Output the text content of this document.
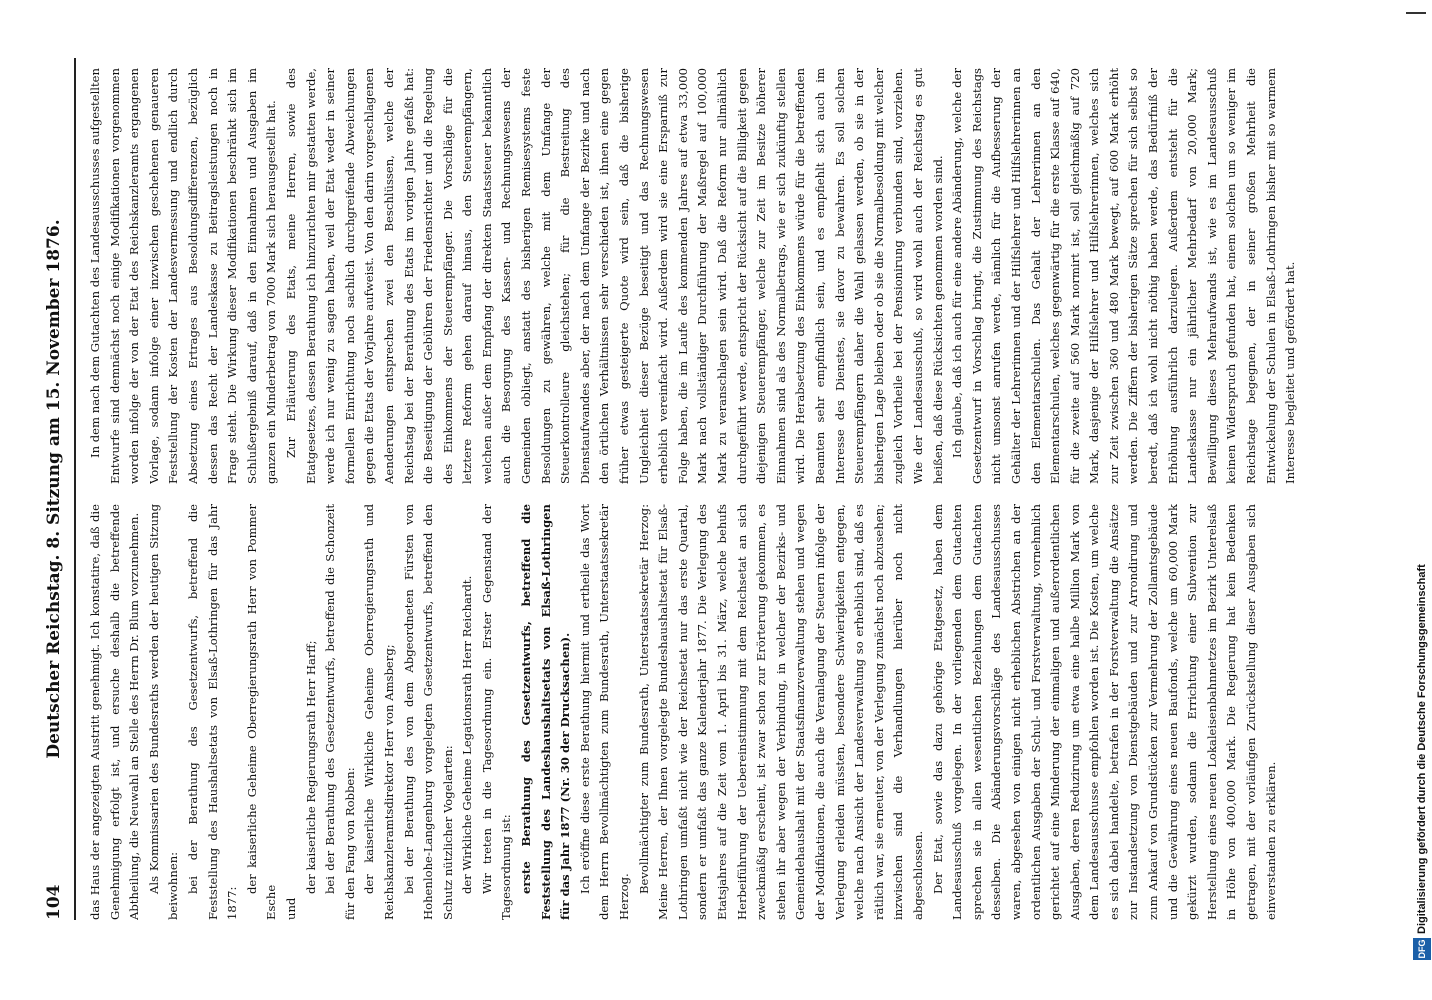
104
Deutscher Reichstag. 8. Sitzung am 15. November 1876. das Haus der angezeigten Austritt genehmigt. Ich konstatire, daß die Genehmigung erfolgt ist, und ersuche deshalb die betreffende Abtheilung, die Neuwahl an Stelle des Herrn Dr. Blum vorzunehmen. Als Kommissarien des Bundesraths werden der heutigen Sitzung beiwohnen: bei der Berathung des Gesetzentwurfs, betreffend die Feststellung des Haushaltsetats von Elsaß-Lothringen für das Jahr 1877:

der kaiserliche Geheime Oberregierungsrath Herr von Pommer Esche und

der kaiserliche Regierungsrath Herr Harff; bei der Berathung des Gesetzentwurfs, betreffend die Schonzeit für den Fang von Robben: der kaiserliche Wirkliche Geheime Oberregierungsrath und Reichskanzleramtsdirektor Herr von Amsberg; bei der Berathung des von dem Abgeordneten Fürsten von Hohenlohe-Langenburg vorgelegten Gesetzentwurfs, betreffend den Schutz nützlicher Vogelarten: der Wirkliche Geheime Legationsrath Herr Reichardt. Wir treten in die Tagesordnung ein. Erster Gegenstand der Tagesordnung ist: erste Berathung des Gesetzentwurfs, betreffend die Feststellung des Landeshaushaltsetats von Elsaß-Lothringen für das Jahr 1877 (Nr. 30 der Drucksachen). Ich eröffne diese erste Berathung hiermit und ertheile das Wort dem Herrn Bevollmächtigten zum Bundesrath, Unterstaatssekretär Herzog.

Bevollmächtigter zum Bundesrath, Unterstaatssekretär Herzog: Meine Herren, der Ihnen vorgelegte Bundeshaushaltsetat für Elsaß-Lothringen umfaßt nicht wie der Reichsetat nur das erste Quartal, sondern er umfaßt das ganze Kalenderjahr 1877. Die Verlegung des Etatsjahres auf die Zeit vom 1. April bis 31. März, welche behufs Herbeiführung der Uebereinstimmung mit dem Reichsetat an sich zweckmäßig erscheint, ist zwar schon zur Erörterung gekommen, es stehen ihr aber wegen der Verbindung, in welcher der Bezirks- und Gemeindehaushalt mit der Staatsfinanzverwaltung stehen und wegen der Modifikationen, die auch die Veranlagung der Steuern infolge der Verlegung erleiden müssten, besondere Schwierigkeiten entgegen, welche nach Ansicht der Landesverwaltung so erheblich sind, daß es rätlich war, sie erneuter, von der Verlegung zunächst noch abzusehen; inzwischen sind die Verhandlungen hierüber noch nicht abgeschlossen. Der Etat, sowie das dazu gehörige Etatgesetz, haben dem Landesausschuß vorgelegen. In der vorliegenden dem Gutachten sprechen sie in allen wesentlichen Beziehungen dem Gutachten desselben. Die Abänderungsvorschläge des Landesausschusses waren, abgesehen von einigen nicht erheblichen Abstrichen an der ordentlichen Ausgaben der Schul- und Forstverwaltung, vornehmlich gerichtet auf eine Minderung der einmaligen und außerordentlichen Ausgaben, deren Reduzirung um etwa eine halbe Million Mark von dem Landesausschusse empfohlen worden ist. Die Kosten, um welche es sich dabei handelte, betrafen in der Forstverwaltung die Ansätze zur Instandsetzung von Dienstgebäuden und zur Arrondirung und zum Ankauf von Grundstücken zur Vermehrung der Zollamtsgebäude und die Gewährung eines neuen Baufonds, welche um 60,000 Mark gekürzt wurden, sodann die Errichtung einer Subvention zur Herstellung eines neuen Lokaleisenbahnnetzes im Bezirk Unterelsaß in Höhe von 400,000 Mark. Die Regierung hat kein Bedenken getragen, mit der vorläufigen Zurückstellung dieser Ausgaben sich einverstanden zu erklären.

In dem nach dem Gutachten des Landesausschusses aufgestellten Entwurfe sind demnächst noch einige Modifikationen vorgenommen worden infolge der von der Etat des Reichskanzleramts ergangenen Vorlage, sodann infolge einer inzwischen geschehenen genaueren Feststellung der Kosten der Landesvermessung und endlich durch Absetzung eines Ertrages aus Besoldungsdifferenzen, bezüglich dessen das Recht der Landeskasse zu Beitragsleistungen noch in Frage steht. Die Wirkung dieser Modifikationen beschränkt sich im Schlußergebniß darauf, daß in den Einnahmen und Ausgaben im ganzen ein Minderbetrag von 7000 Mark sich herausgestellt hat. Zur Erläuterung des Etats, meine Herren, sowie des Etatgesetzes, dessen Berathung ich hinzurichten mir gestatten werde, werde ich nur wenig zu sagen haben, weil der Etat weder in seiner formellen Einrichtung noch sachlich durchgreifende Abweichungen gegen die Etats der Vorjahre aufweist. Von den darin vorgeschlagenen Aenderungen entsprechen zwei den Beschlüssen, welche der Reichstag bei der Berathung des Etats im vorigen Jahre gefaßt hat: die Beseitigung der Gebühren der Friedensrichter und die Regelung des Einkommens der Steuerempfänger. Die Vorschläge für die letztere Reform gehen darauf hinaus, den Steuerempfängern, welchen außer dem Empfang der direkten Staatssteuer bekanntlich auch die Besorgung des Kassen- und Rechnungswesens der Gemeinden obliegt, anstatt des bisherigen Remisesystems feste Besoldungen zu gewähren, welche mit dem Umfange der Steuerkontrolleure gleichstehen; für die Bestreitung des Dienstaufwandes aber, der nach dem Umfange der Bezirke und nach den örtlichen Verhältnissen sehr verschieden ist, ihnen eine gegen früher etwas gesteigerte Quote wird sein, daß die bisherige Ungleichheit dieser Bezüge beseitigt und das Rechnungswesen erheblich vereinfacht wird. Außerdem wird sie eine Ersparniß zur Folge haben, die im Laufe des kommenden Jahres auf etwa 33,000 Mark nach vollständiger Durchführung der Maßregel auf 100,000 Mark zu veranschlagen sein wird. Daß die Reform nur allmählich durchgeführt werde, entspricht der Rücksicht auf die Billigkeit gegen diejenigen Steuerempfänger, welche zur Zeit im Besitze höherer Einnahmen sind als des Normalbetrags, wie er sich zukünftig stellen wird. Die Herabsetzung des Einkommens würde für die betreffenden Beamten sehr empfindlich sein, und es empfiehlt sich auch im Interesse des Dienstes, sie davor zu bewahren. Es soll solchen Steuerempfängern daher die Wahl gelassen werden, ob sie in der bisherigen Lage bleiben oder ob sie die Normalbesoldung mit welcher zugleich Vortheile bei der Pensionirung verbunden sind, vorziehen. Wie der Landesausschuß, so wird wohl auch der Reichstag es gut heißen, daß diese Rücksichten genommen worden sind. Ich glaube, daß ich auch für eine andere Abänderung, welche der Gesetzentwurf in Vorschlag bringt, die Zustimmung des Reichstags nicht umsonst anrufen werde, nämlich für die Aufbesserung der Gehälter der Lehrerinnen und der Hilfslehrer und Hilfslehrerinnen an den Elementarschulen. Das Gehalt der Lehrerinnen an den Elementarschulen, welches gegenwärtig für die erste Klasse auf 640, für die zweite auf 560 Mark normirt ist, soll gleichmäßig auf 720 Mark, dasjenige der Hilfslehrer und Hilfslehrerinnen, welches sich zur Zeit zwischen 360 und 480 Mark bewegt, auf 600 Mark erhöht werden. Die Ziffern der bisherigen Sätze sprechen für sich selbst so beredt, daß ich wohl nicht nöthig haben werde, das Bedürfniß der Erhöhung ausführlich darzulegen. Außerdem entsteht für die Landeskasse nur ein jährlicher Mehrbedarf von 20,000 Mark; Bewilligung dieses Mehraufwands ist, wie es im Landesausschuß keinen Widerspruch gefunden hat, einem solchen um so weniger im Reichstage begegnen, der in seiner großen Mehrheit die Entwickelung der Schulen in Elsaß-Lothringen bisher mit so warmem Interesse begleitet und gefördert hat.

DFG
Digitalisierung gefördert durch die Deutsche Forschungsgemeinschaft
